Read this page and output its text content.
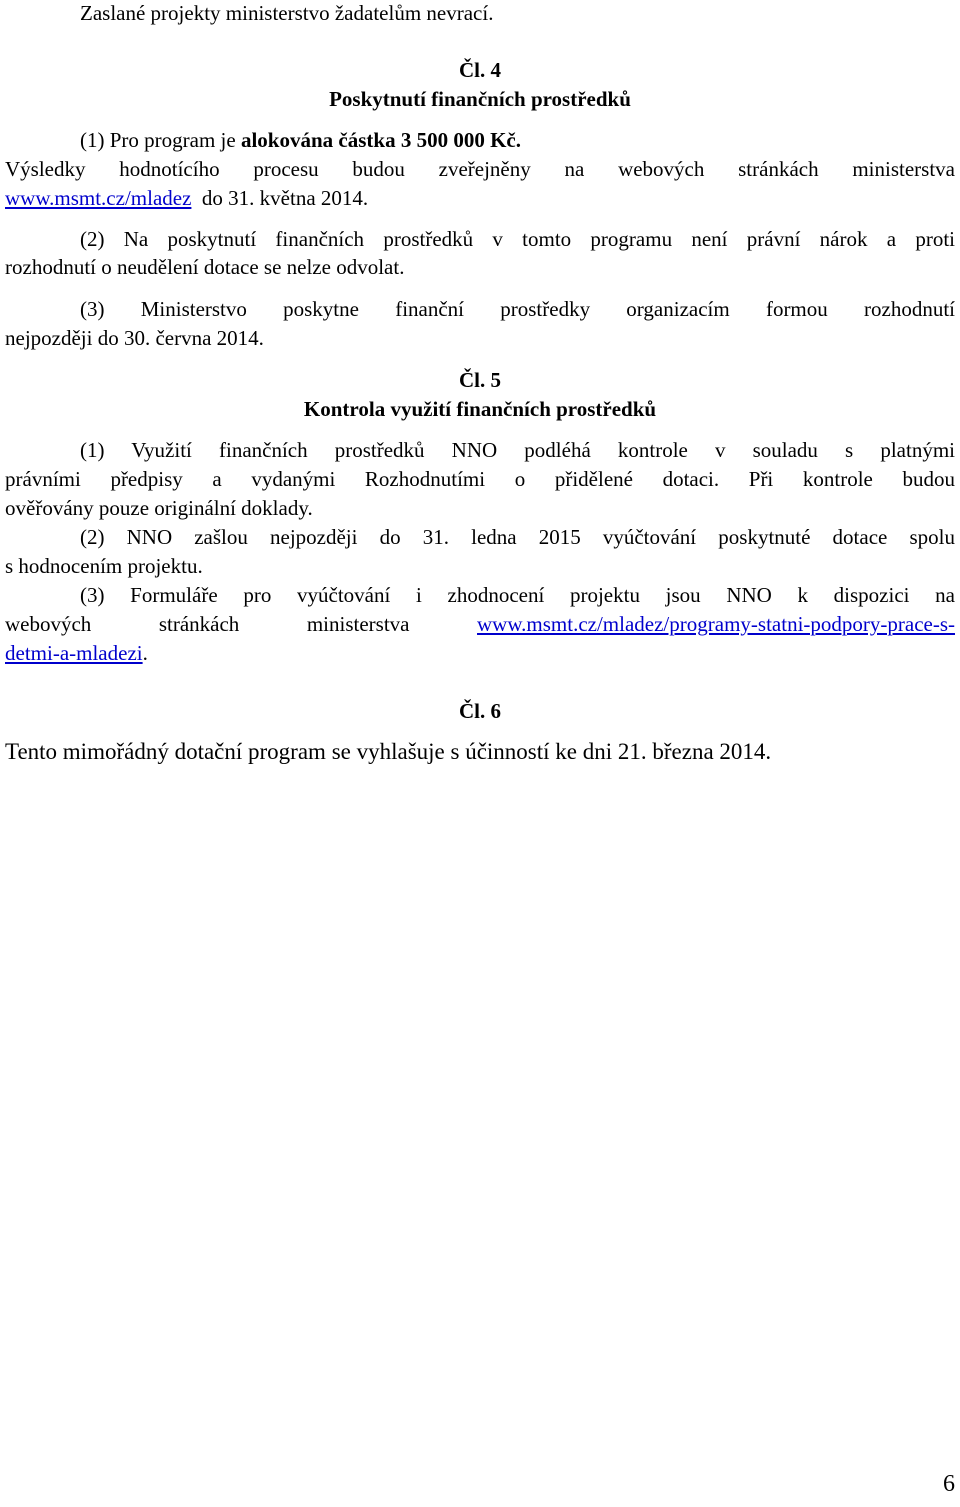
Zaslané projekty ministerstvo žadatelům nevrací.
Čl. 4
Poskytnutí finančních prostředků
(1) Pro program je alokována částka 3 500 000 Kč.
Výsledky hodnotícího procesu budou zveřejněny na webových stránkách ministerstva
www.msmt.cz/mladez  do 31. května 2014.
(2) Na poskytnutí finančních prostředků v tomto programu není právní nárok a proti
rozhodnutí o neudělení dotace se nelze odvolat.
(3) Ministerstvo poskytne finanční prostředky organizacím formou rozhodnutí
nejpozději do 30. června 2014.
Čl. 5
Kontrola využití finančních prostředků
(1) Využití finančních prostředků NNO podléhá kontrole v souladu s platnými
právními předpisy a vydanými Rozhodnutími o přidělené dotaci. Při kontrole budou
ověřovány pouze originální doklady.
(2) NNO zašlou nejpozději do 31. ledna 2015 vyúčtování poskytnuté dotace spolu
s hodnocením projektu.
(3) Formuláře pro vyúčtování i zhodnocení projektu jsou NNO k dispozici na
webových stránkách ministerstva www.msmt.cz/mladez/programy-statni-podpory-prace-s-
detmi-a-mladezi.
Čl. 6
Tento mimořádný dotační program se vyhlašuje s účinností ke dni 21. března 2014.
6
